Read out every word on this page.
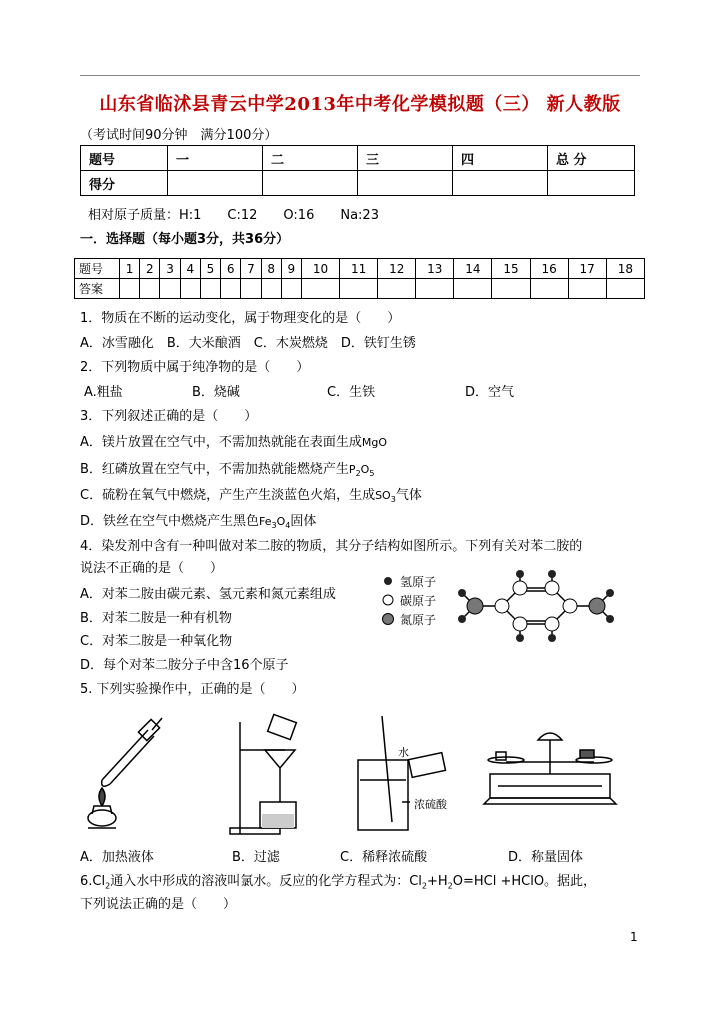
山东省临沭县青云中学2013年中考化学模拟题（三） 新人教版
（考试时间90分钟　满分100分）
题号	一	二	三	四	总 分
得分					
相对原子质量：H:1　　C:12　　O:16　　Na:23
一．选择题（每小题3分，共36分）
题号	1	2	3	4	5	6	7	8	9	10	11	12	13	14	15	16	17	18
答案																		
1．物质在不断的运动变化，属于物理变化的是（　　）
A．冰雪融化　B．大米酿酒　C．木炭燃烧　D．铁钉生锈
2．下列物质中属于纯净物的是（　　）
A.粗盐	B．烧碱	C．生铁	D．空气
3．下列叙述正确的是（　　）
A．镁片放置在空气中，不需加热就能在表面生成MgO
B．红磷放置在空气中，不需加热就能燃烧产生$P_2O_5$
C．硫粉在氧气中燃烧，产生产生淡蓝色火焰，生成$SO_3$气体
D．铁丝在空气中燃烧产生黑色$Fe_3O_4$固体
4．染发剂中含有一种叫做对苯二胺的物质，其分子结构如图所示。下列有关对苯二胺的
说法不正确的是（　　）
A．对苯二胺由碳元素、氢元素和氮元素组成
B．对苯二胺是一种有机物
C．对苯二胺是一种氧化物
D．每个对苯二胺分子中含16个原子
氢原子
碳原子
氮原子
5. 下列实验操作中，正确的是（　　）
水
浓硫酸
A．加热液体	B．过滤	C．稀释浓硫酸	D．称量固体
$6.Cl_2$通入水中形成的溶液叫氯水。反应的化学方程式为：$Cl_2+H_2O=HCl$ +HClO。据此，
下列说法正确的是（　　）
1
